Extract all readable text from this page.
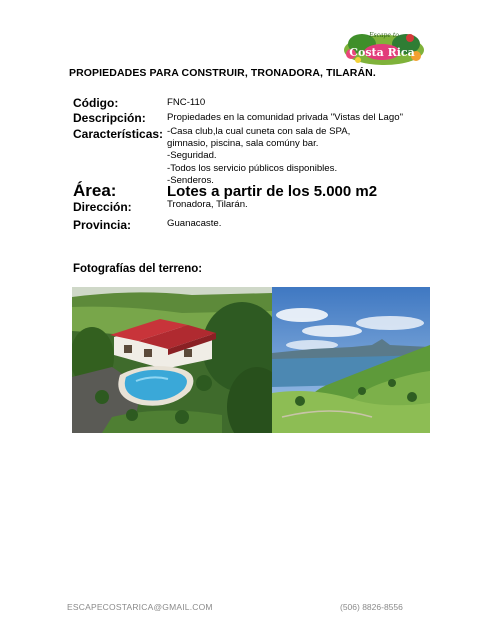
Costa Rica
Escape to
PROPIEDADES PARA CONSTRUIR, TRONADORA, TILARÁN.
Código:	FNC-110
Descripción: Propiedades en la comunidad privada "Vistas del Lago"
Características: -Casa club,la cual cuneta con sala de SPA,
gimnasio, piscina, sala comúny bar.
-Seguridad.
-Todos los servicio públicos disponibles.
-Senderos.
Área:	Lotes a partir de los 5.000 m2
Dirección:	Tronadora, Tilarán.
Provincia:	Guanacaste.
Fotografías del terreno:
ESCAPECOSTARICA@GMAIL.COM	(506) 8826-8556
